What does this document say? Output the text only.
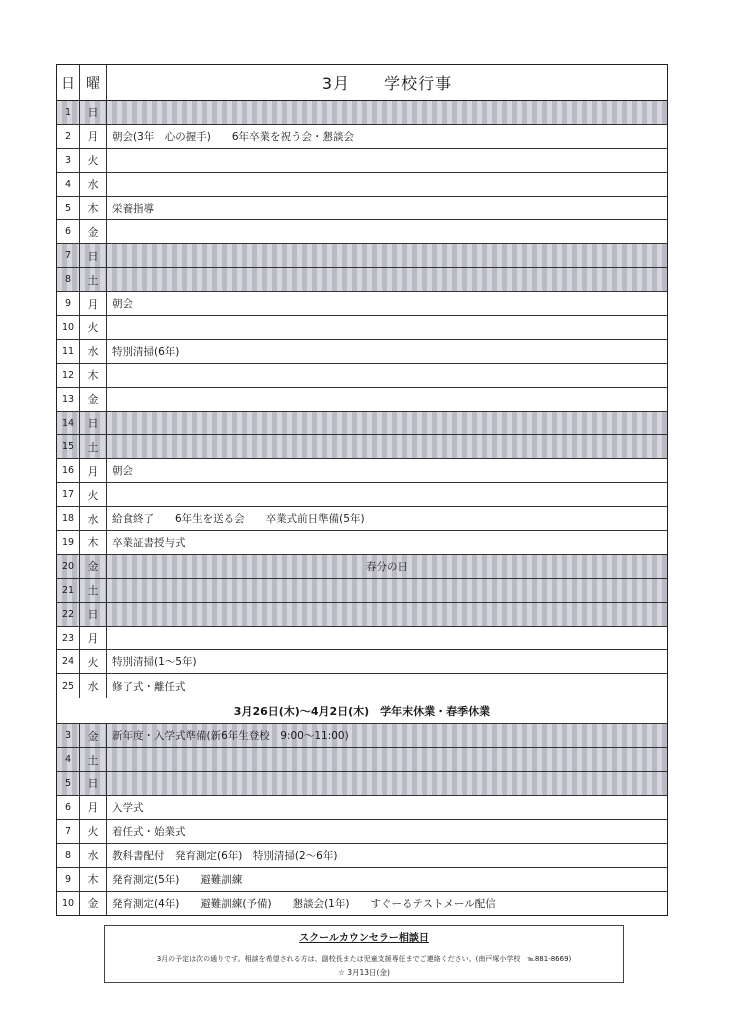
日 曜	3月　　学校行事
1	日
2	月	朝会(3年　心の握手)　　6年卒業を祝う会・懇談会
3	火
4	水
5	木	栄養指導
6	金
7	日
8	土
9	月	朝会
10	火
11	水	特別清掃(6年)
12	木
13	金
14	日
15	土
16	月	朝会
17	火
18	水	給食終了　　6年生を送る会　　卒業式前日準備(5年)
19	木	卒業証書授与式
20	金	春分の日
21	土
22	日
23	月
24	火	特別清掃(1～5年)
25	水	修了式・離任式
3月26日(木)～4月2日(木)　学年末休業・春季休業
3	金	新年度・入学式準備(新6年生登校　9:00～11:00)
4	土
5	日
6	月	入学式
7	火	着任式・始業式
8	水	教科書配付　発育測定(6年)　特別清掃(2～6年)
9	木	発育測定(5年)　　避難訓練
10	金	発育測定(4年)　　避難訓練(予備)　　懇談会(1年)　　すぐーるテストメール配信
スクールカウンセラー相談日
3月の予定は次の通りです。相談を希望される方は、副校長または児童支援専任までご連絡ください。(南戸塚小学校　℡881-8669)
☆ 3月13日(金)
